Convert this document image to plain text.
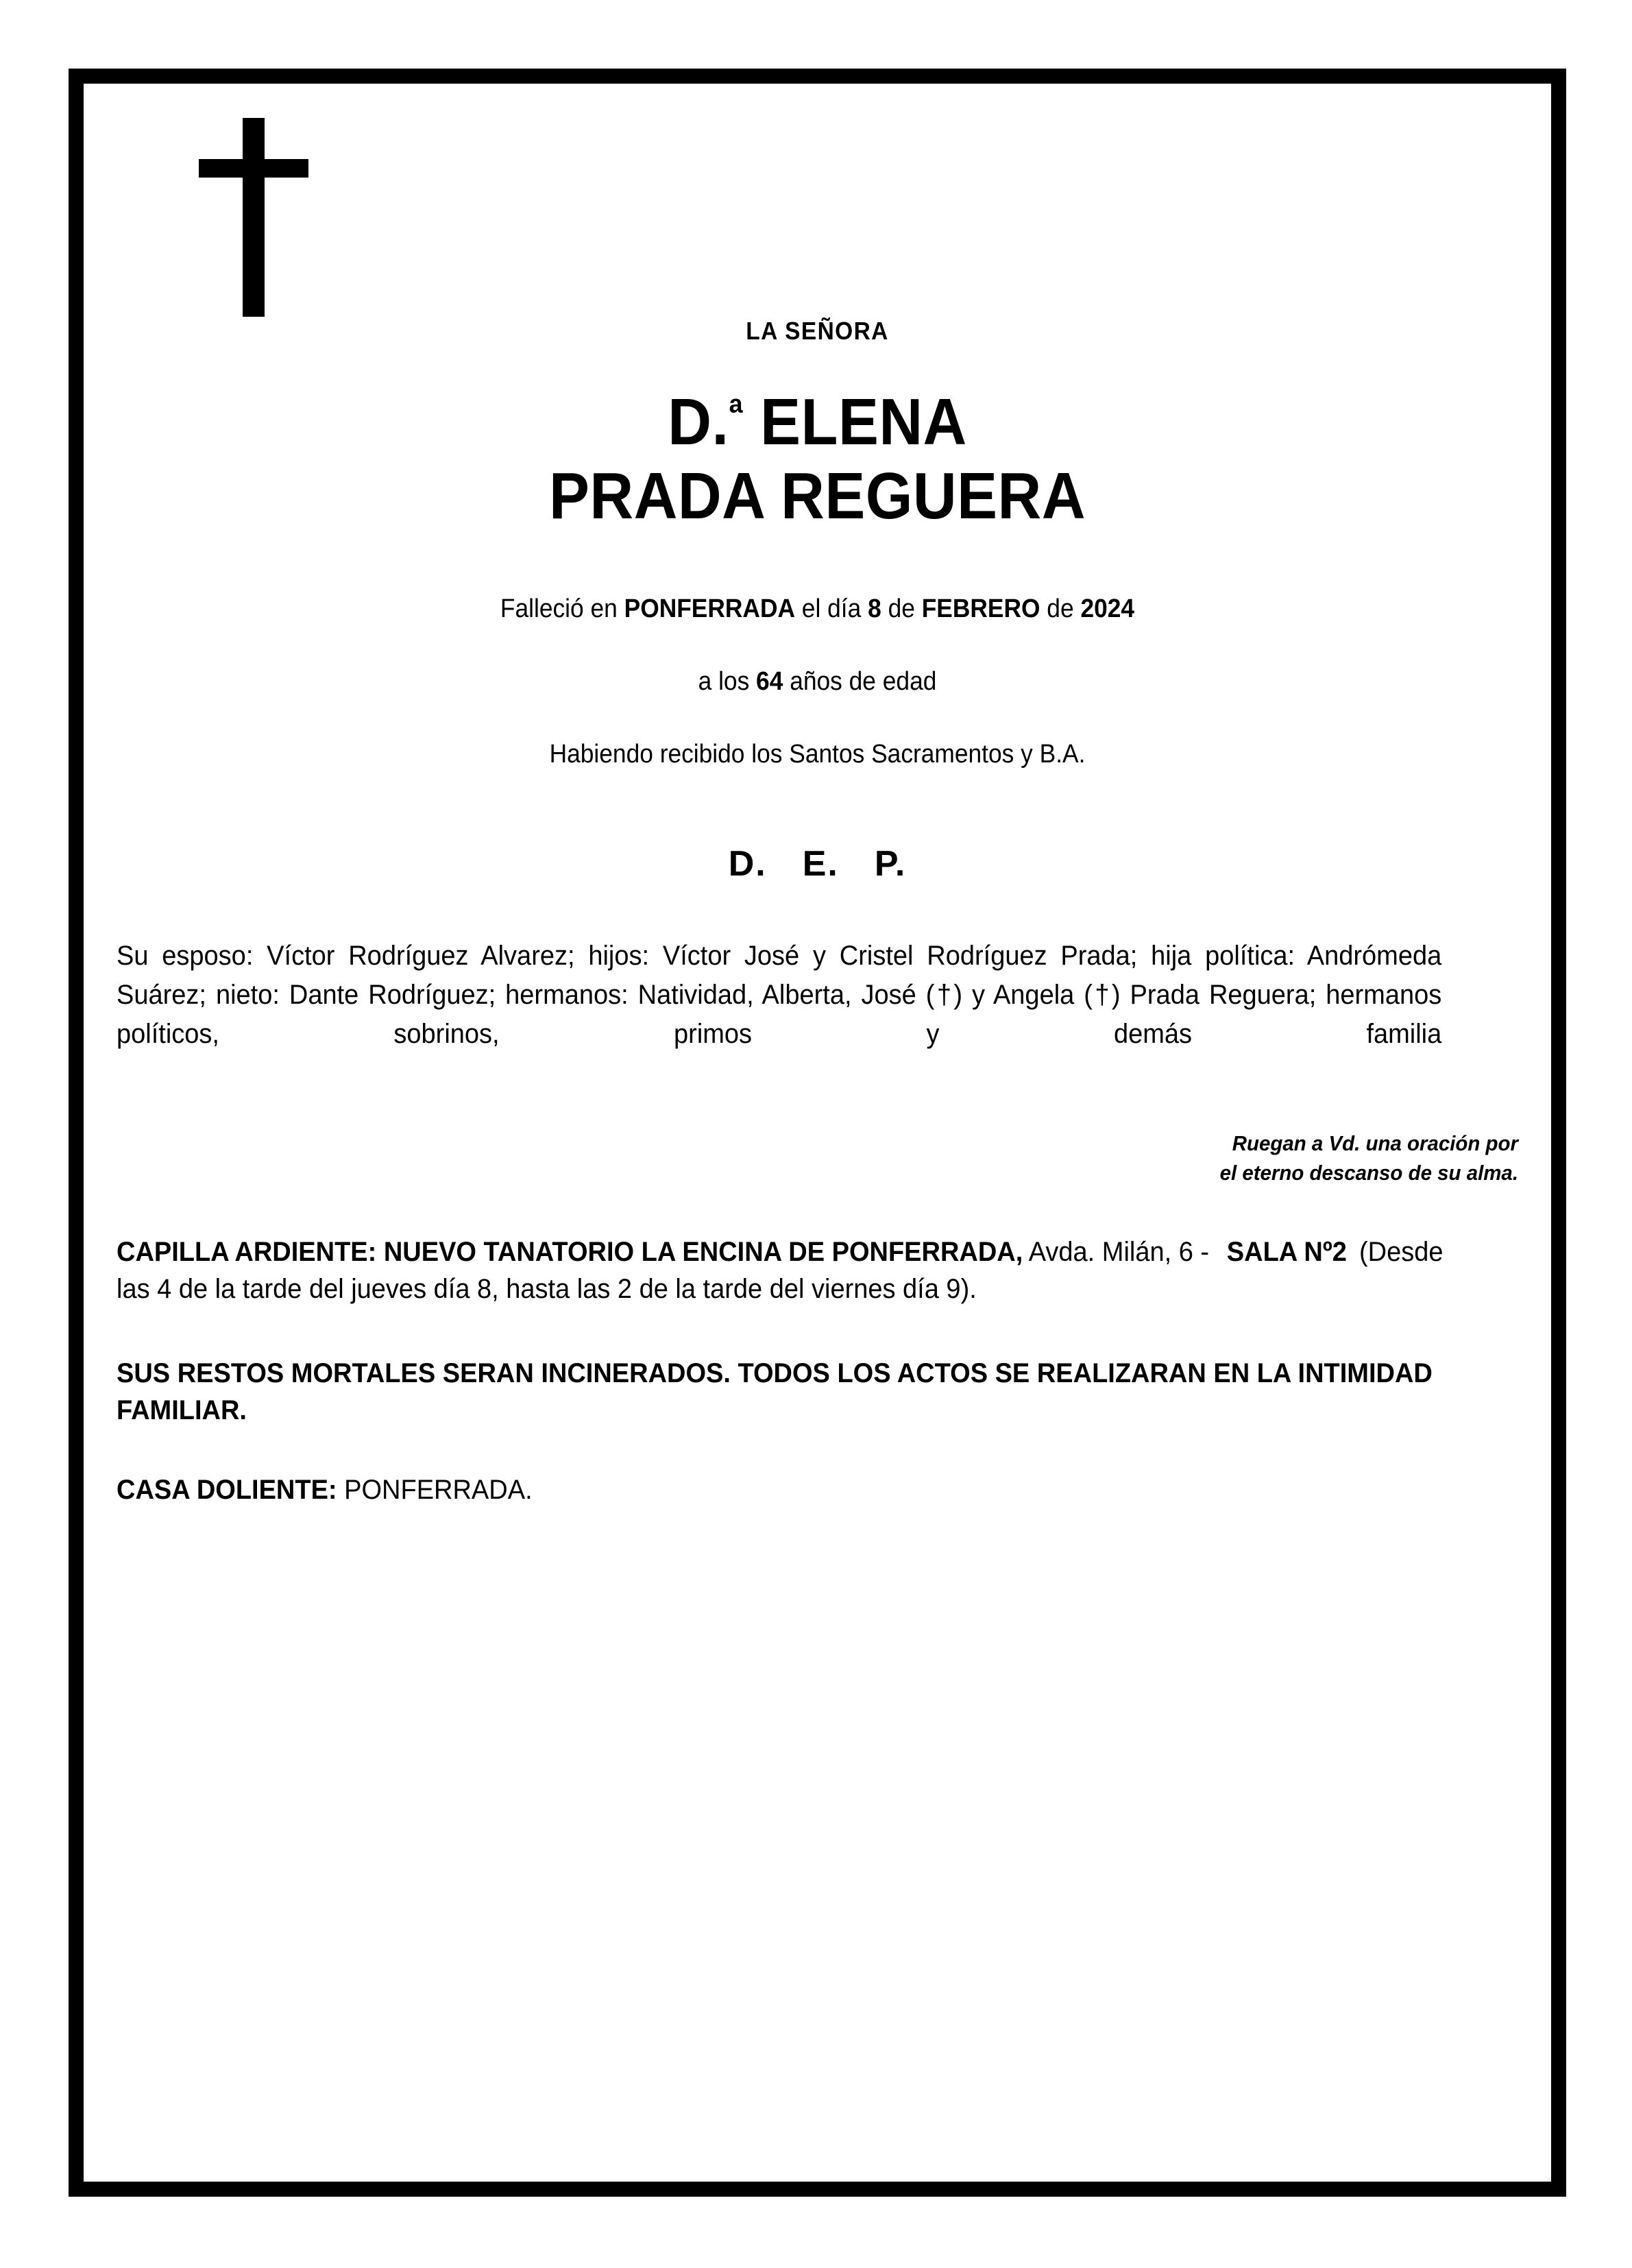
LA SEÑORA

D.$^ª$ ELENA
PRADA REGUERA

Falleció en PONFERRADA el día 8 de FEBRERO de 2024

a los 64 años de edad

Habiendo recibido los Santos Sacramentos y B.A.

D. E. P.

Su esposo: Víctor Rodríguez Alvarez; hijos: Víctor José y Cristel Rodríguez Prada; hija política: Andrómeda Suárez; nieto: Dante Rodríguez; hermanos: Natividad, Alberta, José (†) y Angela (†) Prada Reguera; hermanos políticos, sobrinos, primos y demás familia

Ruegan a Vd. una oración por
el eterno descanso de su alma.

CAPILLA ARDIENTE: NUEVO TANATORIO LA ENCINA DE PONFERRADA, Avda. Milán, 6 - SALA Nº2 (Desde las 4 de la tarde del jueves día 8, hasta las 2 de la tarde del viernes día 9).

SUS RESTOS MORTALES SERAN INCINERADOS. TODOS LOS ACTOS SE REALIZARAN EN LA INTIMIDAD FAMILIAR.

CASA DOLIENTE: PONFERRADA.
